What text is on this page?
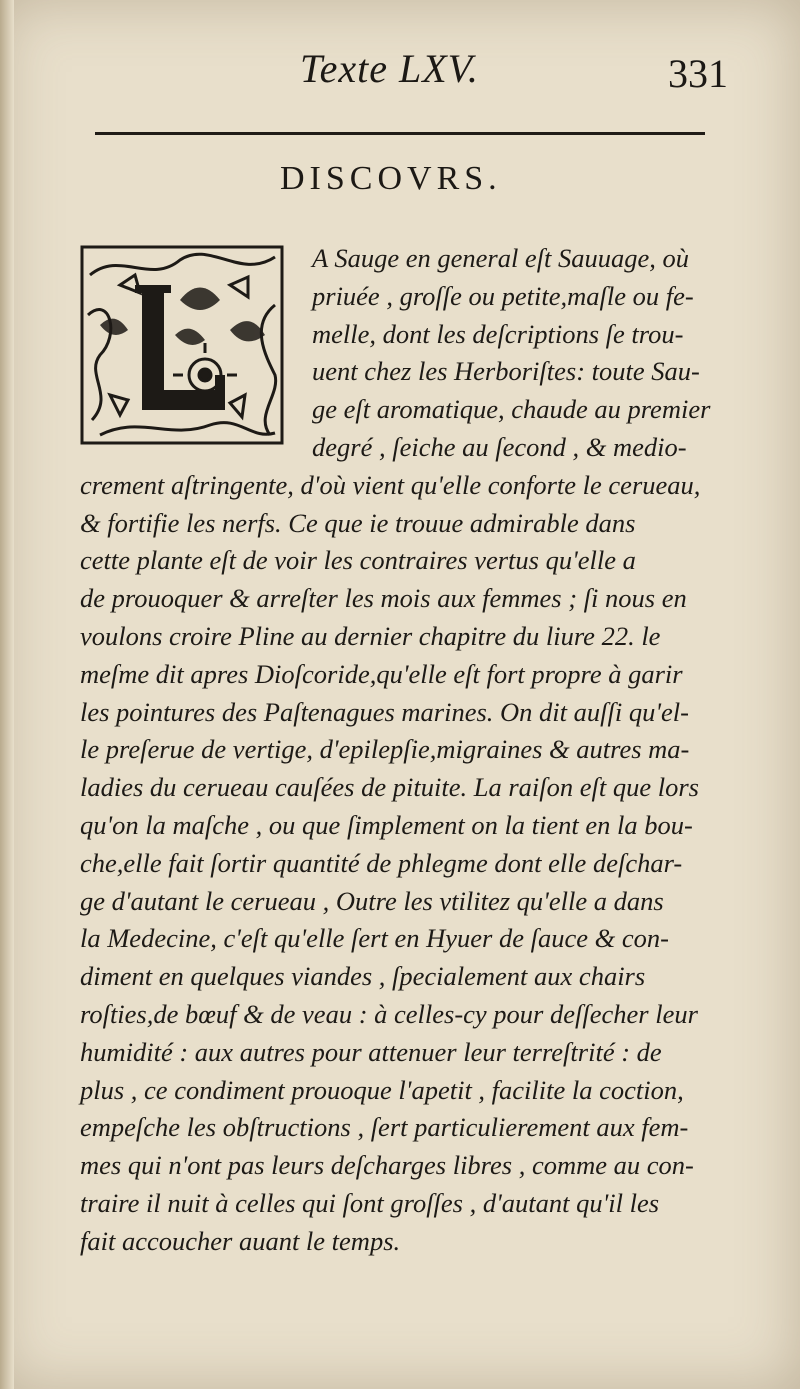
Texte LXV.	331
DISCOVRS.

A Sauge en general eſt Sauuage, où
priuée , groſſe ou petite,maſle ou fe-
melle, dont les deſcriptions ſe trou-
uent chez les Herboriſtes: toute Sau-
ge eſt aromatique, chaude au premier
degré , ſeiche au ſecond , & medio-
crement aſtringente, d'où vient qu'elle conforte le cerueau,
& fortifie les nerfs. Ce que ie trouue admirable dans
cette plante eſt de voir les contraires vertus qu'elle a
de prouoquer & arreſter les mois aux femmes ; ſi nous en
voulons croire Pline au dernier chapitre du liure 22. le
meſme dit apres Dioſcoride,qu'elle eſt fort propre à garir
les pointures des Paſtenagues marines. On dit auſſi qu'el-
le preſerue de vertige, d'epilepſie,migraines & autres ma-
ladies du cerueau cauſées de pituite. La raiſon eſt que lors
qu'on la maſche , ou que ſimplement on la tient en la bou-
che,elle fait ſortir quantité de phlegme dont elle deſchar-
ge d'autant le cerueau , Outre les vtilitez qu'elle a dans
la Medecine, c'eſt qu'elle ſert en Hyuer de ſauce & con-
diment en quelques viandes , ſpecialement aux chairs
roſties,de bœuf & de veau : à celles-cy pour deſſecher leur
humidité : aux autres pour attenuer leur terreſtrité : de
plus , ce condiment prouoque l'apetit , facilite la coction,
empeſche les obſtructions , ſert particulierement aux fem-
mes qui n'ont pas leurs deſcharges libres , comme au con-
traire il nuit à celles qui ſont groſſes , d'autant qu'il les
fait accoucher auant le temps.
